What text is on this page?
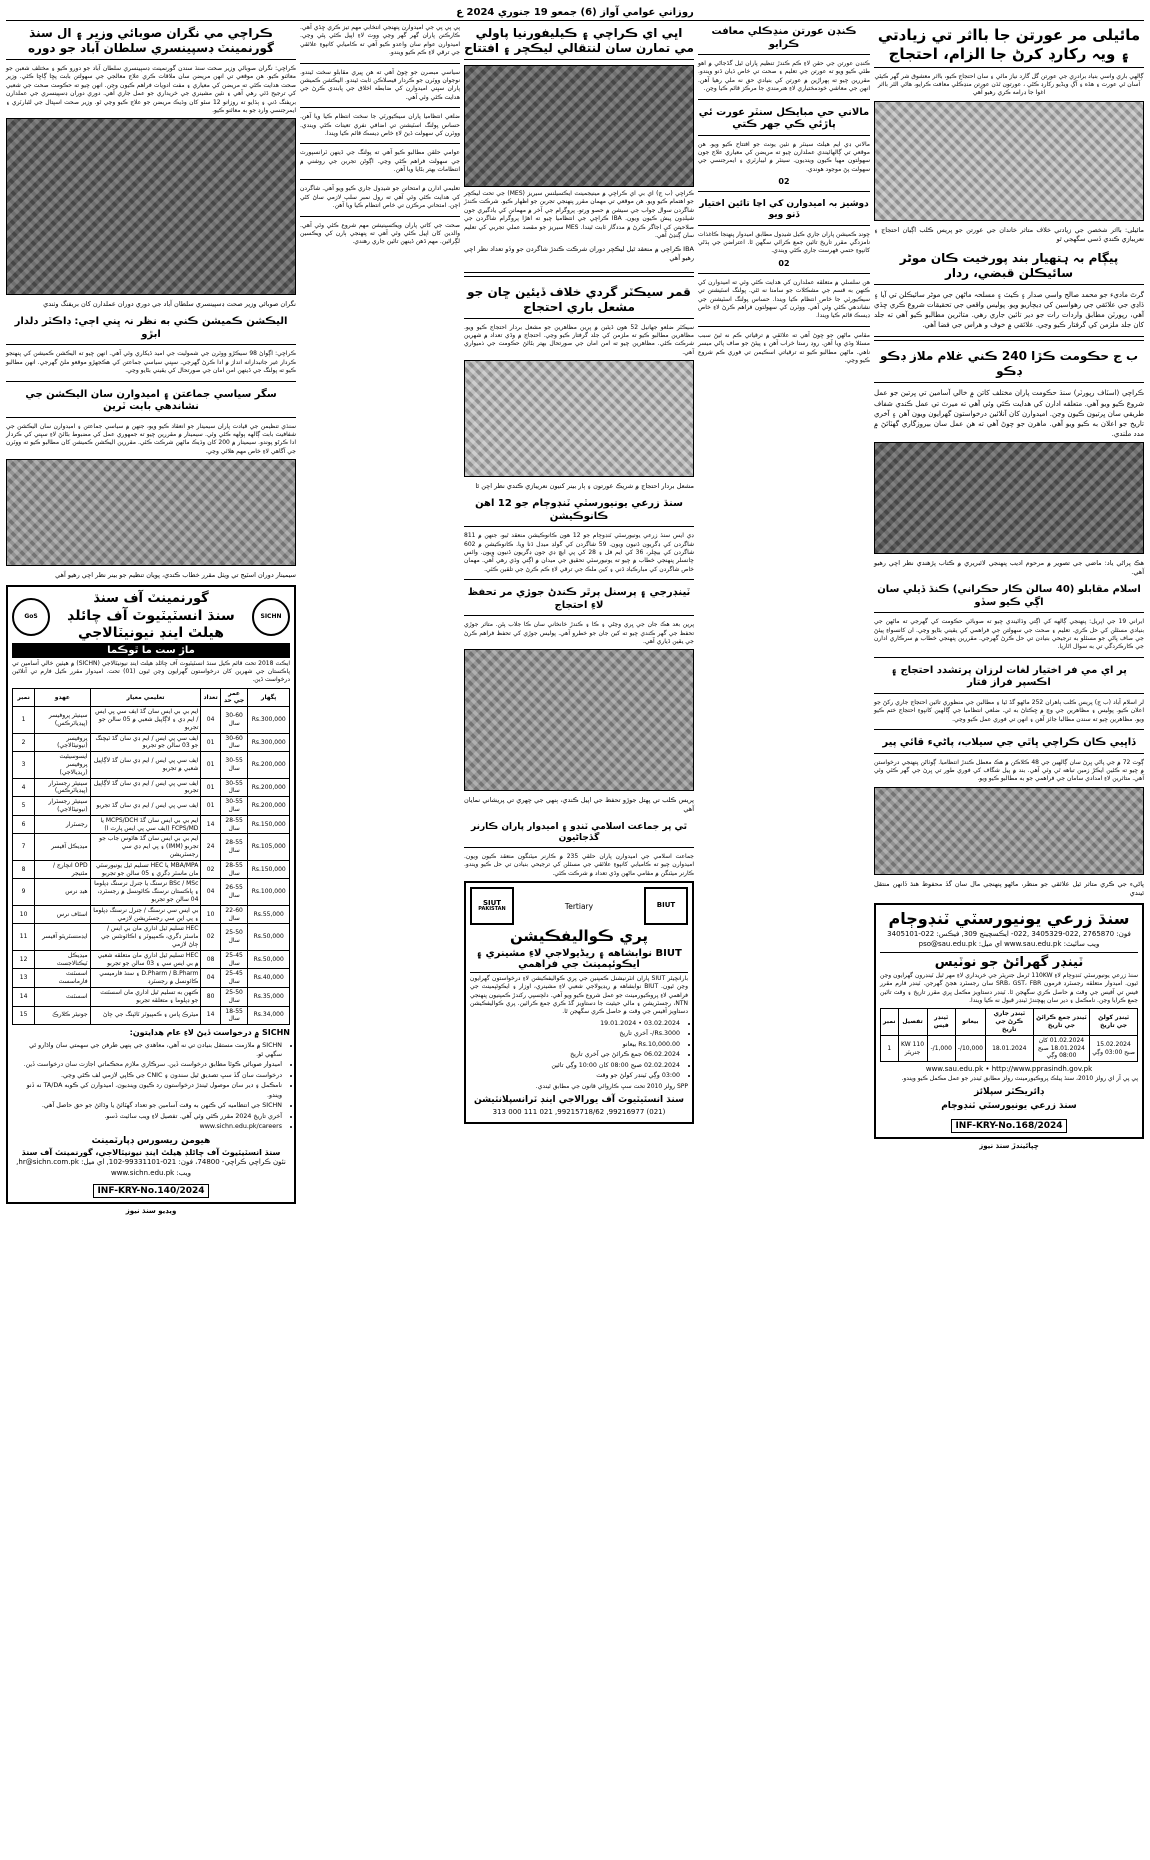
روزاني عوامي آواز (6) جمعو 19 جنوري 2024 ع
مائیلی مر عورتن جا بااثر تي زیادتي ۽ ویہ رکارڊ کرڻ جا الزام، احتجاج
ڳالهي باري واسي بنياد برادري جي عورتن گل گارد نياز مائي ۽ سان احتجاج ڪيو، بااثر معشوق شر گھر ڪيئي آسان ٿي عورت ۽ هڏه ۽ آڳ ویڈیو رکارڊ ڪڻي ، عورتون ٿڌن عورتن منڍڪلي معافت ڪرايو، هاڻي الٿر بااثر اغوا جا ڊرامه ڪري رهيو آهي
مائیلی: بااثر شخصن جي زیادتي خلاف متاثر خاندان جي عورتن جو پریس ڪلب اڳيان احتجاج ۽ نعريبازي ڪندي ڏسي سگهجي ٿو
پیڳام بہ ہتھیار بند پورخیت ڪان موٹر سائيڪلن قبضي، ردار
گرٹ ماديء جو محمد صالح واسي صدار ۽ ڪيٽ ۽ مسلحہ ماڻهن جي موٹر سائيڪلن تي آيا ۽ ڏاڍي جي علائقي جي رهواسين کي ڊيڄاريو ويو. پوليس واقعي جي تحقيقات شروع ڪري ڇڏي آهي، رپورٽن مطابق واردات رات جو دير تائين جاري رهي. متاثرين مطالبو ڪيو آهي ته جلد کان جلد ملزمن کي گرفتار ڪيو وڃي. علائقي ۾ خوف و هراس جي فضا آهي.
ب ج حڪومت ڪڙا 240 ڪني غلام ملاز ڊڪو ڊڪو
ڪراچي (اسٽاف رپورٽر) سنڌ حڪومت پاران مختلف کاتن ۾ خالي آسامين تي ڀرتين جو عمل شروع ڪيو ويو آهي. متعلقه ادارن کي هدايت ڪئي وئي آهي ته ميرٽ تي عمل ڪندي شفاف طريقي سان ڀرتيون ڪيون وڃن. اميدوارن کان آنلائين درخواستون گهرايون ويون آهن ۽ آخري تاريخ جو اعلان به ڪيو ويو آهي. ماهرن جو چوڻ آهي ته هن عمل سان بيروزگاري گهٽائڻ ۾ مدد ملندي.
هڪ پراڻي ياد: ماضي جي تصوير ۾ مرحوم اديب پنهنجي لائبريري ۾ ڪتاب پڙهندي نظر اچي رهيو آهي.
اسلام مقابلو (40 سالن ڪار حڪراني) ڪنڌ ڏيلي سان اڳي ڪيو سڏو
ايراني 19 جي اپريل: پنهنجي ڳالهه کي اڳتي وڌائيندي چيو ته صوبائي حڪومت کي گهرجي ته ماڻهن جي بنيادي مسئلن کي حل ڪري. تعليم ۽ صحت جي سهولتن جي فراهمي کي يقيني بڻايو وڃي. ان کانسواءِ پيئڻ جي صاف پاڻي جو مسئلو به ترجيحي بنيادن تي حل ڪرڻ گهرجي. مقررين پنهنجي خطاب ۾ سرڪاري ادارن جي ڪارڪردگي تي به سوال اٿاريا.
پر اي مي فر اختيار لغات لرزان پرتشدد احتجاج ۽ اڪسپر فراز فتار
لر اسلام آباد (ب ج) پريس ڪلب ٻاهران 252 ماڻهو گڏ ٿيا ۽ مطالبن جي منظوري تائين احتجاج جاري رکڻ جو اعلان ڪيو. پوليس ۽ مظاهرين جي وچ ۾ ڇڪتاڻ به ٿي. ضلعي انتظاميا جي ڳالهين کانپوءِ احتجاج ختم ڪيو ويو. مظاهرين چيو ته سندن مطالبا جائز آهن ۽ انهن تي فوري عمل ڪيو وڃي.
ڏاڀيي ڪان ڪراچي ڀاٿي جي سيلاب، پاڻيء قائي پير
ڳوٺ 72 ۾ جي پاڻي ڀرڻ سان ڳالهين جي 48 ڪلاڪن ۾ هڪ معطل ڪندڙ انتظاميا. ڳوٺاڻن پنهنجي درخواستن ۾ چيو ته ڪئين ايڪڙ زمين تباهه ٿي وئي آهي. بند ۾ پيل شگاف کي فوري طور تي ڀرڻ جي گهر ڪئي وئي آهي. متاثرين لاءِ امدادي سامان جي فراهمي جو به مطالبو ڪيو ويو.
پاڻيء جي ڪري متاثر ٿيل علائقي جو منظر، ماڻهو پنهنجي مال سان گڏ محفوظ هنڌ ڏانهن منتقل ٿيندي
سنڌ زرعي يونيورسٽي ٽنڊوڄام
فون: 2765870 ,022-3405329 ,022- ايڪسچينج 309, فيڪس: 022-3405101
ويب سائيٽ: www.sau.edu.pk اي ميل: pso@sau.edu.pk
ٽينڊر گهرائڻ جو نوٽيس
سنڌ زرعي يونيورسٽي ٽنڊوڄام لاءِ 110KW ٿرمل جنريٽر جي خريداري لاءِ مهر ٿيل ٽينڊرون گهرايون وڃن ٿيون. اميدوار متعلقه رجسٽرڊ فرمون SRB، GST، FBR سان رجسٽرڊ هجڻ گهرجن. ٽينڊر فارم مقرر فيس تي آفيس جي وقت ۾ حاصل ڪري سگهجن ٿا. ٽينڊر دستاويز مڪمل ڀري مقرر تاريخ ۽ وقت تائين جمع ڪرايا وڃن. نامڪمل ۽ دير سان پهچندڙ ٽينڊر قبول نه ڪيا ويندا.
ٽينڊر کولڻ جي تاريخ	ٽينڊر جمع ڪرائڻ جي تاريخ	ٽينڊر جاري ڪرڻ جي تاريخ	بيعانو	ٽينڊر فيس	تفصيل	نمبر
15.02.2024 صبح 03:00 وڳي	01.02.2024 کان 18.01.2024 صبح 08:00 وڳي	18.01.2024	10,000/-	1,000/-	110 KW جنريٽر	1
www.sau.edu.pk • http://www.pprasindh.gov.pk
پي پي آر اي رولز 2010، سنڌ پبلڪ پروڪيورمينٽ رولز مطابق ٽينڊر جو عمل مڪمل ڪيو ويندو.
ڊائريڪٽر سپلائز
سنڌ زرعي يونيورسٽي ٽنڊوڄام
INF-KRY-No.168/2024
ڇپائيندڙ سنڌ نيوز
ڪنڊن عورتن منڍڪلي معافت ڪرايو
ڪنڊن عورتن جي حقن لاءِ ڪم ڪندڙ تنظيم پاران ٿيل گڏجاڻي ۾ اهو طئي ڪيو ويو ته عورتن جي تعليم ۽ صحت تي خاص ڌيان ڏنو ويندو. مقررين چيو ته ٻهراڙين ۾ عورتن کي بنيادي حق نه ملي رهيا آهن. انهن جي معاشي خودمختياري لاءِ هنرمندي جا مرڪز قائم ڪيا وڃن.
مالاني حي مبايڪل سنٽر عورت ئي پاڙئي ڪي جهر ڪتي
مالاني ڊي ايم هيلٿ سينٽر ۾ نئين يونٽ جو افتتاح ڪيو ويو. هن موقعي تي ڳالهائيندي عملدارن چيو ته مريضن کي معياري علاج جون سهولتون مهيا ڪيون وينديون. سينٽر ۾ ليبارٽري ۽ ايمرجنسي جي سهولت پڻ موجود هوندي.
02
دوشیز بہ اميدوارن کي اڃا تائين اختيار ڏنو ويو
چونڊ ڪميشن پاران جاري ڪيل شيڊول مطابق اميدوار پنهنجا ڪاغذات نامزدگي مقرر تاريخ تائين جمع ڪرائي سگهن ٿا. اعتراضن جي ٻڌڻي کانپوءِ حتمي فهرست جاري ڪئي ويندي.
02
هن سلسلي ۾ متعلقه عملدارن کي هدايت ڪئي وئي ته اميدوارن کي ڪنهن به قسم جي مشڪلات جو سامنا نه ٿئي. پولنگ اسٽيشنن تي سيڪيورٽي جا خاص انتظام ڪيا ويندا. حساس پولنگ اسٽيشنن جي نشاندهي ڪئي وئي آهي. ووٽرن کي سهولتون فراهم ڪرڻ لاءِ خاص ڊيسڪ قائم ڪيا ويندا.
مقامي ماڻهن جو چوڻ آهي ته علائقي ۾ ترقياتي ڪم نه ٿيڻ سبب مسئلا وڌي ويا آهن. روڊ رستا خراب آهن ۽ پيئڻ جو صاف پاڻي ميسر ناهي. ماڻهن مطالبو ڪيو ته ترقياتي اسڪيمن تي فوري ڪم شروع ڪيو وڃي.
اڀي اي ڪراچي ۽ ڪيليفورنيا پاولي مي تمارن سان لنتقالي ليڪچر ۽ افتتاح
ڪراچي (ب ج) اي بي اي ڪراچي ۾ مينيجمينٽ ايڪسيلنس سيريز (MES) جي تحت ليڪچر جو اهتمام ڪيو ويو. هن موقعي تي مهمان مقرر پنهنجي تجربن جو اظهار ڪيو. شرڪت ڪندڙ شاگردن سوال جواب جي سيشن ۾ حصو ورتو. پروگرام جي آخر ۾ مهمانن کي يادگيري جون شيلڊون پيش ڪيون ويون. IBA ڪراچي جي انتظاميا چيو ته اهڙا پروگرام شاگردن جي صلاحيتن کي اجاگر ڪرڻ ۾ مددگار ثابت ٿيندا. MES سيريز جو مقصد عملي تجربي کي تعليم سان ڳنڍڻ آهي.
IBA ڪراچي ۾ منعقد ٿيل ليڪچر دوران شرڪت ڪندڙ شاگردن جو وڏو تعداد نظر اچي رهيو آهي
قمر سيڪٽر گردي خلاف ڏيئين ڇان جو مشعل باري احتجاج
سيڪٽر ضلعو جهانيل 52 هون ڏيئين ۾ پرين مظاهرين جو مشعل بردار احتجاج ڪيو ويو. مظاهرين مطالبو ڪيو ته ملزمن کي جلد گرفتار ڪيو وڃي. احتجاج ۾ وڏي تعداد ۾ شهرين شرڪت ڪئي. مظاهرين چيو ته امن امان جي صورتحال بهتر بڻائڻ حڪومت جي ذميواري آهي.
مشعل بردار احتجاج ۾ شريڪ عورتون ۽ ٻار بينر کنيون نعريبازي ڪندي نظر اچن ٿا
سنڌ زرعي يونيورسٽي ٽنڊوڄام جو 12 اهن ڪانوڪيشن
ڊي ايس سنڌ زرعي يونيورسٽي ٽنڊوڄام جو 12 هون ڪانوڪيشن منعقد ٿيو، جنهن ۾ 811 شاگردن کي ڊگريون ڏنيون ويون. 59 شاگردن کي گولڊ ميڊل ڏنا ويا. ڪانوڪيشن ۾ 602 شاگردن کي بيچلر، 36 کي ايم فل ۽ 28 کي پي ايڇ ڊي جون ڊگريون ڏنيون ويون. وائس چانسلر پنهنجي خطاب ۾ چيو ته يونيورسٽي تحقيق جي ميدان ۾ اڳتي وڌي رهي آهي. مهمان خاص شاگردن کي مبارڪباد ڏني ۽ کين ملڪ جي ترقي لاءِ ڪم ڪرڻ جي تلقين ڪئي.
ٽينڊرجي ۽ پرسنل پرٿر ڪندڻ جوڙي مر تحفظ لاءِ احتجاج
پرين بعد هڪ جان جي ڀري وڃڻي ۽ ڪا ۽ ڪندڙ خانخاني سان ڪا جلاب پٿن. متاثر جوڙي تحفظ جي گهر ڪندي چيو ته کين جان جو خطرو آهي. پوليس جوڙي کي تحفظ فراهم ڪرڻ جي يقين ڏياري آهي.
پريس ڪلب تي پهتل جوڙو تحفظ جي اپيل ڪندي، ٻنهي جي چهري تي پريشاني نمايان آهي
ٿي پر جماعت اسلامي ٽنڊو ۽ اميدوار پاران ڪارنر گڏجاڻيون
جماعت اسلامي جي اميدوارن پاران حلقي 235 ۾ ڪارنر ميٽنگون منعقد ڪيون ويون. اميدوارن چيو ته ڪاميابي کانپوءِ علائقي جي مسئلن کي ترجيحي بنيادن تي حل ڪيو ويندو. ڪارنر ميٽنگن ۾ مقامي ماڻهن وڏي تعداد ۾ شرڪت ڪئي.
BIUT
Tertiary
SIUT
PAKISTAN
پري ڪوالیفڪیشن
BIUT نوابشاهه ۽ ریڈیولاجي لاءِ مشينري ۽ ایڪوئپمينٽ جي فراهمي
بارانچیئر SIUT پاران انٽرنيشنل ڪمپنين جي پري ڪوالیفڪیشن لاءِ درخواستون گهرايون وڃن ٿيون. BIUT نوابشاهه ۾ ريڊيولاجي شعبي لاءِ مشينري، اوزار ۽ ايڪوئپمينٽ جي فراهمي لاءِ پروڪيورمينٽ جو عمل شروع ڪيو ويو آهي. دلچسپي رکندڙ ڪمپنيون پنهنجي NTN، رجسٽريشن ۽ مالي حيثيت جا دستاويز گڏ ڪري جمع ڪرائين. پري ڪوالیفڪیشن دستاويز آفيس جي وقت ۾ حاصل ڪري سگهجن ٿا.
• 03.02.2024 • 19.01.2024
• Rs.3000/- آخري تاريخ
• Rs.10,000.00 بيعانو
• 06.02.2024 جمع ڪرائڻ جي آخري تاريخ
• 02.02.2024 صبح 08:00 کان 10:00 وڳي تائين
• 03:00 وڳي ٽينڊر کولڻ جو وقت
SPP رولز 2010 تحت سڀ ڪاروائي قانون جي مطابق ٿيندي.
سنڌ انسٽيٽيوٽ آف يورالاجي اينڊ ٽرانسپلانٽيشن
(021) 99216977, 99215718/62, 021 111 000 313
پي پي پي جي اميدوارن پنهنجي انتخابي مهم تيز ڪري ڇڏي آهي. ڪارڪنن پاران گهر گهر وڃي ووٽ لاءِ اپيل ڪئي پئي وڃي. اميدوارن عوام سان واعدو ڪيو آهي ته ڪاميابي کانپوءِ علائقي جي ترقي لاءِ ڪم ڪيو ويندو.
سياسي مبصرن جو چوڻ آهي ته هن ڀيري مقابلو سخت ٿيندو. نوجوان ووٽرن جو ڪردار فيصلاڪن ثابت ٿيندو. اليڪشن ڪميشن پاران سڀني اميدوارن کي ضابطه اخلاق جي پابندي ڪرڻ جي هدايت ڪئي وئي آهي.
ضلعي انتظاميا پاران سيڪيورٽي جا سخت انتظام ڪيا ويا آهن. حساس پولنگ اسٽيشنن تي اضافي نفري تعينات ڪئي ويندي. ووٽرن کي سهولت ڏيڻ لاءِ خاص ڊيسڪ قائم ڪيا ويندا.
عوامي حلقن مطالبو ڪيو آهي ته پولنگ جي ڏينهن ٽرانسپورٽ جي سهولت فراهم ڪئي وڃي. اڳوڻن تجربن جي روشني ۾ انتظامات بهتر بڻايا ويا آهن.
تعليمي ادارن ۾ امتحانن جو شيڊول جاري ڪيو ويو آهي. شاگردن کي هدايت ڪئي وئي آهي ته رول نمبر سلپ لازمي ساڻ کڻي اچن. امتحاني مرڪزن تي خاص انتظام ڪيا ويا آهن.
صحت جي کاتي پاران ويڪسينيشن مهم شروع ڪئي وئي آهي. والدين کان اپيل ڪئي وئي آهي ته پنهنجي ٻارن کي ويڪسين لڳرائين. مهم ڏهن ڏينهن تائين جاري رهندي.
ڪراچي مي نگران صوبائي وزير ۽ ال سنڌ گورنمينٽ ڊسپينسري سلطان آباد جو دوره
ڪراچي: نگران صوبائي وزير صحت سنڌ سندن گورنمينٽ ڊسپينسري سلطان آباد جو دورو ڪيو ۽ مختلف شعبن جو معائنو ڪيو. هن موقعي تي انهن مريضن سان ملاقات ڪري علاج معالجي جي سهولتن بابت پڇا ڳاڇا ڪئي. وزير صحت هدايت ڪئي ته مريضن کي معياري ۽ مفت ادويات فراهم ڪيون وڃن. انهن چيو ته حڪومت صحت جي شعبي کي ترجيح ڏئي رهي آهي ۽ نئين مشينري جي خريداري جو عمل جاري آهي. دوري دوران ڊسپينسري جي عملدارن بريفنگ ڏني ۽ ٻڌايو ته روزانو 12 سئو کان وڌيڪ مريضن جو علاج ڪيو وڃي ٿو. وزير صحت اسپتال جي لئبارٽري ۽ ايمرجنسي وارڊ جو به معائنو ڪيو.
نگران صوبائي وزير صحت ڊسپينسري سلطان آباد جي دوري دوران عملدارن کان بريفنگ وٺندي
اليڪشن ڪميشن ڪني به نظر نہ ڀني اڄي: ڊاڪٽر دلدار ابڙو
ڪراچي: اڳواڻ 98 سيڪڙو ووٽرن جي شموليت جي اميد ڏيکاري وئي آهي. انهن چيو ته اليڪشن ڪميشن کي پنهنجو ڪردار غير جانبدارانه انداز ۾ ادا ڪرڻ گهرجي. سڀني سياسي جماعتن کي هڪجهڙو موقعو ملڻ گهرجي. انهن مطالبو ڪيو ته پولنگ جي ڏينهن امن امان جي صورتحال کي يقيني بڻايو وڃي.
سگر سياسي جماعتن ۽ اميدوارن سان اليڪشن جي نشاندهي بابت ٽرين
سنڌي تنظيمن جي قيادت پاران سيمينار جو انعقاد ڪيو ويو، جنهن ۾ سياسي جماعتن ۽ اميدوارن سان اليڪشن جي شفافيت بابت ڳالهه ٻولهه ڪئي وئي. سيمينار ۾ مقررين چيو ته جمهوري عمل کي مضبوط بڻائڻ لاءِ سڀني کي ڪردار ادا ڪرڻو پوندو. سيمينار ۾ 200 کان وڌيڪ ماڻهن شرڪت ڪئي. مقررين اليڪشن ڪميشن کان مطالبو ڪيو ته ووٽرن جي آگاهي لاءِ خاص مهم هلائي وڃي.
سيمينار دوران اسٽيج تي ويٺل مقرر خطاب ڪندي، پويان تنظيم جو بينر نظر اچي رهيو آهي
SICHN
گورنمينٽ آف سنڌ
سنڌ انسٽيٽيوٽ آف چائلڊ هيلٿ اينڊ نيونيٽالاجي
GoS
ماڙ ست ما ٿوڪما
ايڪٽ 2018 تحت قائم ڪيل سنڌ انسٽيٽيوٽ آف چائلڊ هيلٿ اينڊ نيونيٽالاجي (SICHN) ۾ هيٺين خالي آسامين تي پاڪستان جي شهرين کان درخواستون گهرايون وڃن ٿيون (01) تحت. اميدوار مقرر ڪيل فارم تي آنلائين درخواست ڏين.
پگهار	عمر جي حد	تعداد	تعليمي معيار	عهدو	نمبر
Rs.300,000	30-60 سال	04	ايم بي بي ايس سان گڏ ايف سي پي ايس / ايم ڊي ۽ لاڳاپيل شعبي ۾ 05 سالن جو تجربو	سينيئر پروفيسر (پيڊياٽرڪس)	1
Rs.300,000	30-60 سال	01	ايف سي پي ايس / ايم ڊي سان گڏ ٽيچنگ جو 03 سالن جو تجربو	پروفيسر (نيونيٽالاجي)	2
Rs.200,000	30-55 سال	01	ايف سي پي ايس / ايم ڊي سان گڏ لاڳاپيل شعبي ۾ تجربو	ايسوسيئيٽ پروفيسر (ريڊيالاجي)	3
Rs.200,000	30-55 سال	01	ايف سي پي ايس / ايم ڊي سان گڏ لاڳاپيل تجربو	سينيئر رجسٽرار (پيڊياٽرڪس)	4
Rs.200,000	30-55 سال	01	ايف سي پي ايس / ايم ڊي سان گڏ تجربو	سينيئر رجسٽرار (نيونيٽالاجي)	5
Rs.150,000	28-55 سال	14	ايم بي بي ايس سان گڏ MCPS/DCH يا FCPS/MD (ايف سي پي ايس پارٽ I)	رجسٽرار	6
Rs.105,000	28-55 سال	24	ايم بي بي ايس سان گڏ هائوس جاب جو تجربو (IMM) ۽ پي ايم ڊي سي رجسٽريشن	ميڊيڪل آفيسر	7
Rs.150,000	28-55 سال	02	MBA/MPA يا HEC تسليم ٿيل يونيورسٽي مان ماسٽر ڊگري ۽ 05 سالن جو تجربو	OPD انچارج / مئنيجر	8
Rs.100,000	26-55 سال	04	BSc / MSc نرسنگ يا جنرل نرسنگ ڊپلوما ۽ پاڪستان نرسنگ ڪائونسل ۾ رجسٽرڊ، 04 سالن جو تجربو	هيڊ نرس	9
Rs.55,000	22-60 سال	10	بي ايس سي نرسنگ / جنرل نرسنگ ڊپلوما ۽ پي اين سي رجسٽريشن لازمي	اسٽاف نرس	10
Rs.50,000	25-50 سال	02	HEC تسليم ٿيل اداري مان بي ايس / ماسٽر ڊگري، ڪمپيوٽر ۽ اڪائونٽس جي ڄاڻ لازمي	ايڊمنسٽريٽو آفيسر	11
Rs.50,000	25-45 سال	08	HEC تسليم ٿيل اداري مان متعلقه شعبي ۾ بي ايس سي ۽ 03 سالن جو تجربو	ميڊيڪل ٽيڪنالاجسٽ	12
Rs.40,000	25-45 سال	04	D.Pharm / B.Pharm ۽ سنڌ فارمیسي ڪائونسل ۾ رجسٽرڊ	اسسٽنٽ فارماسسٽ	13
Rs.35,000	25-50 سال	80	ڪنهن به تسليم ٿيل اداري مان اسسٽنٽ جو ڊپلوما ۽ متعلقه تجربو	اسسٽنٽ	14
Rs.34,000	18-55 سال	14	ميٽرڪ پاس ۽ ڪمپيوٽر ٽائپنگ جي ڄاڻ	جونيئر ڪلارڪ	15
SICHN ۾ درخواست ڏيڻ لاءِ عام هدايتون:
• SICHN ۾ ملازمت مستقل بنيادن تي نه آهي، معاهدي جي ٻنهي طرفن جي سهمتي سان واڌارو ٿي سگهي ٿو.
• اميدوار صوبائي ڪوٽا مطابق درخواست ڏين. سرڪاري ملازم محڪماتي اجازت سان درخواست ڏين.
• درخواست سان گڏ سڀ تصديق ٿيل سندون ۽ CNIC جي ڪاپي لازمي لف ڪئي وڃي.
• نامڪمل ۽ دير سان موصول ٿيندڙ درخواستون رد ڪيون وينديون. اميدوارن کي ڪوبه TA/DA نه ڏنو ويندو.
• SICHN جي انتظاميه کي ڪنهن به وقت آسامين جو تعداد گهٽائڻ يا وڌائڻ جو حق حاصل آهي.
• آخري تاريخ 2024 مقرر ڪئي وئي آهي. تفصيل لاءِ ويب سائيٽ ڏسو.
• www.sichn.edu.pk/careers
هيومن ريسورس ڊپارٽمينٽ
سنڌ انسٽيٽيوٽ آف چائلڊ هيلٿ اينڊ نيونيٽالاجي، گورنمينٽ آف سنڌ
نئون ڪراچي ڪراچي- 74800، فون: 021-99331101-102, اي ميل: hr@sichn.com.pk, ويب: www.sichn.edu.pk
INF-KRY-No.140/2024
ويڊيو سنڌ نيوز
